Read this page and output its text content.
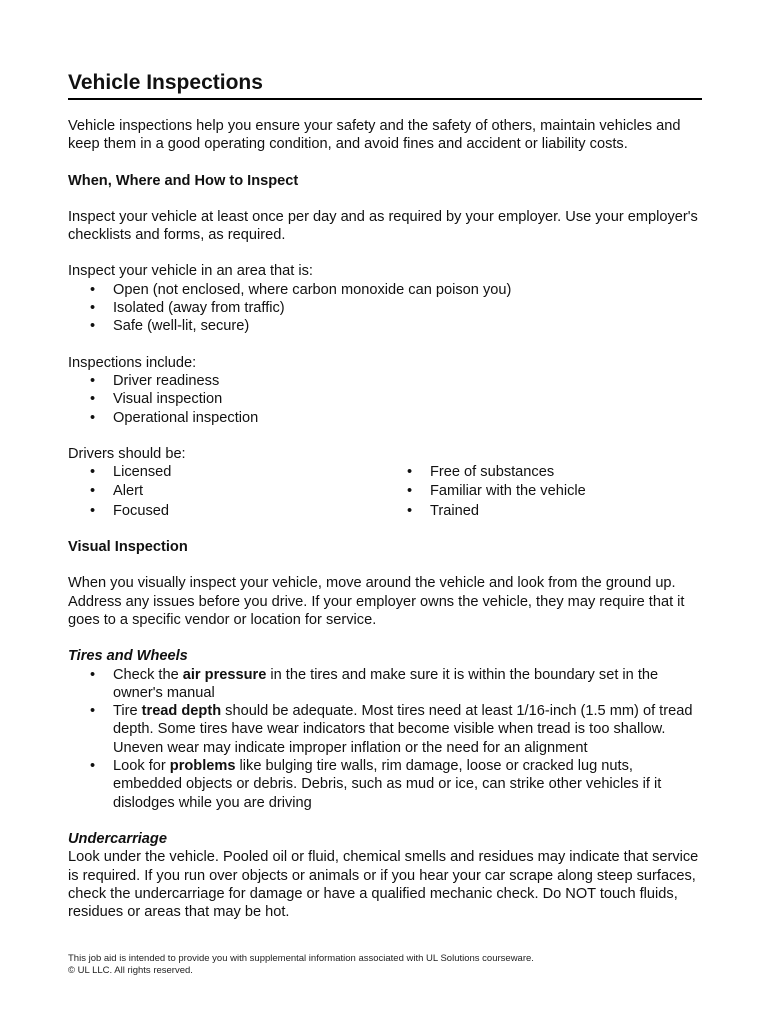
Vehicle Inspections

Vehicle inspections help you ensure your safety and the safety of others, maintain vehicles and keep them in a good operating condition, and avoid fines and accident or liability costs.

When, Where and How to Inspect

Inspect your vehicle at least once per day and as required by your employer. Use your employer's checklists and forms, as required.

Inspect your vehicle in an area that is:

• Open (not enclosed, where carbon monoxide can poison you)
• Isolated (away from traffic)
• Safe (well-lit, secure)

Inspections include:

• Driver readiness
• Visual inspection
• Operational inspection

Drivers should be:

• Licensed
• Alert
• Focused
• Free of substances
• Familiar with the vehicle
• Trained
Visual Inspection

When you visually inspect your vehicle, move around the vehicle and look from the ground up. Address any issues before you drive. If your employer owns the vehicle, they may require that it goes to a specific vendor or location for service.

Tires and Wheels
• Check the air pressure in the tires and make sure it is within the boundary set in the owner's manual
• Tire tread depth should be adequate. Most tires need at least 1/16-inch (1.5 mm) of tread depth. Some tires have wear indicators that become visible when tread is too shallow. Uneven wear may indicate improper inflation or the need for an alignment
• Look for problems like bulging tire walls, rim damage, loose or cracked lug nuts, embedded objects or debris. Debris, such as mud or ice, can strike other vehicles if it dislodges while you are driving
Undercarriage

Look under the vehicle. Pooled oil or fluid, chemical smells and residues may indicate that service is required. If you run over objects or animals or if you hear your car scrape along steep surfaces, check the undercarriage for damage or have a qualified mechanic check. Do NOT touch fluids, residues or areas that may be hot.

This job aid is intended to provide you with supplemental information associated with UL Solutions courseware.
© UL LLC. All rights reserved.
